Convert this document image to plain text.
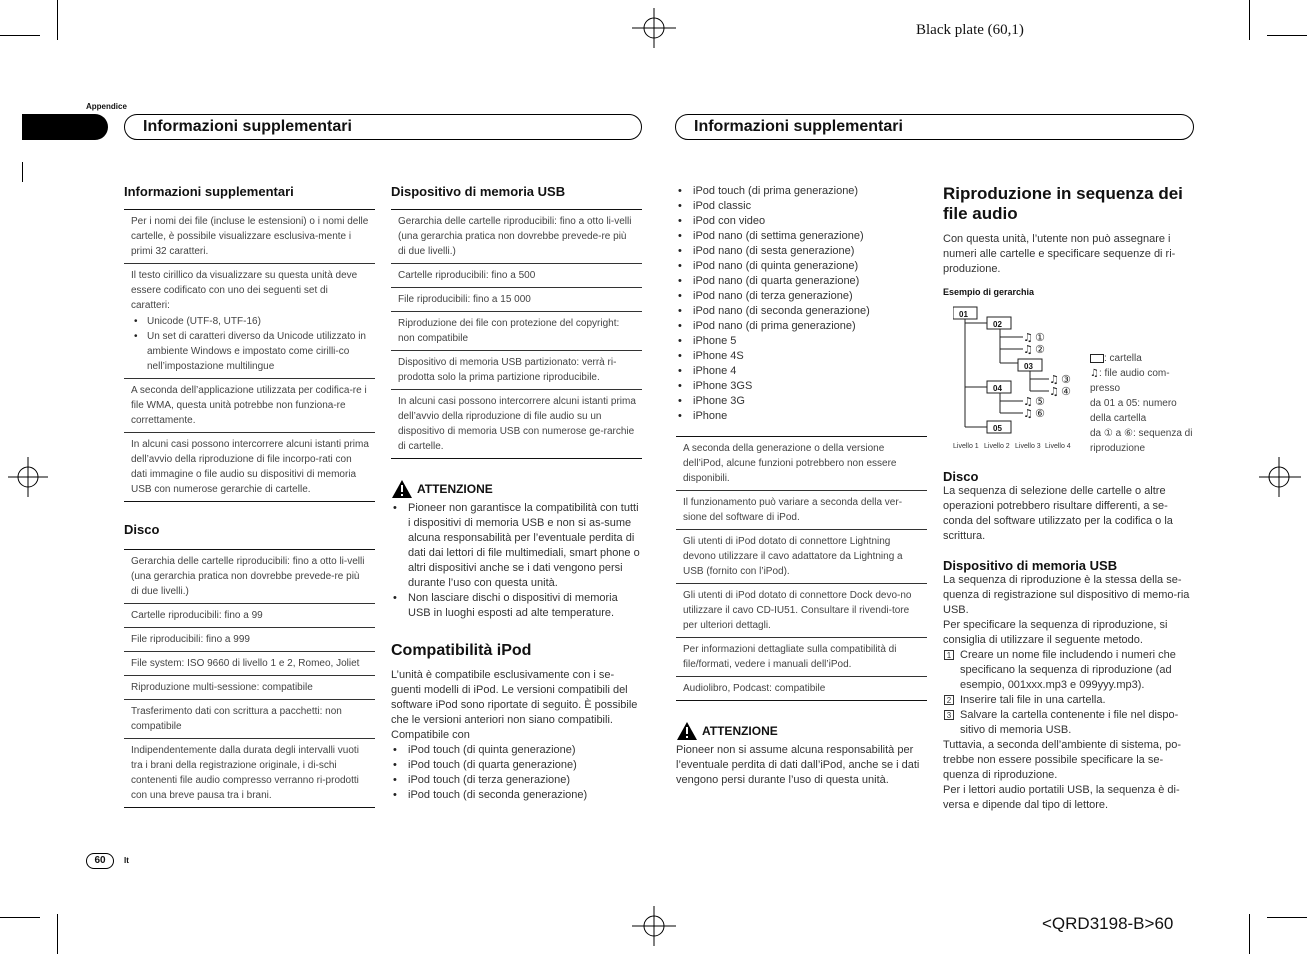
Black plate (60,1)
Appendice
Informazioni supplementari	Informazioni supplementari
Informazioni supplementari
Per i nomi dei file (incluse le estensioni) o i nomi delle cartelle, è possibile visualizzare esclusiva-mente i primi 32 caratteri.

Il testo cirillico da visualizzare su questa unità deve essere codificato con uno dei seguenti set di caratteri:
• Unicode (UTF-8, UTF-16)
• Un set di caratteri diverso da Unicode utilizzato in ambiente Windows e impostato come cirilli-co nell’impostazione multilingue

A seconda dell’applicazione utilizzata per codifica-re i file WMA, questa unità potrebbe non funziona-re correttamente.
In alcuni casi possono intercorrere alcuni istanti prima dell’avvio della riproduzione di file incorpo-rati con dati immagine o file audio su dispositivi di memoria USB con numerose gerarchie di cartelle.
Disco
Gerarchia delle cartelle riproducibili: fino a otto li-velli (una gerarchia pratica non dovrebbe prevede-re più di due livelli.)
Cartelle riproducibili: fino a 99
File riproducibili: fino a 999
File system: ISO 9660 di livello 1 e 2, Romeo, Joliet
Riproduzione multi-sessione: compatibile
Trasferimento dati con scrittura a pacchetti: non compatibile
Indipendentemente dalla durata degli intervalli vuoti tra i brani della registrazione originale, i di-schi contenenti file audio compresso verranno ri-prodotti con una breve pausa tra i brani.
Dispositivo di memoria USB
Gerarchia delle cartelle riproducibili: fino a otto li-velli (una gerarchia pratica non dovrebbe prevede-re più di due livelli.)
Cartelle riproducibili: fino a 500
File riproducibili: fino a 15 000
Riproduzione dei file con protezione del copyright: non compatibile
Dispositivo di memoria USB partizionato: verrà ri-prodotta solo la prima partizione riproducibile.
In alcuni casi possono intercorrere alcuni istanti prima dell’avvio della riproduzione di file audio su un dispositivo di memoria USB con numerose ge-rarchie di cartelle.
ATTENZIONE
• Pioneer non garantisce la compatibilità con tutti i dispositivi di memoria USB e non si as-sume alcuna responsabilità per l’eventuale perdita di dati dai lettori di file multimediali, smart phone o altri dispositivi anche se i dati vengono persi durante l’uso con questa unità.
• Non lasciare dischi o dispositivi di memoria USB in luoghi esposti ad alte temperature.
Compatibilità iPod
L’unità è compatibile esclusivamente con i se-guenti modelli di iPod. Le versioni compatibili del software iPod sono riportate di seguito. È possibile che le versioni anteriori non siano compatibili.
Compatibile con
• iPod touch (di quinta generazione)
• iPod touch (di quarta generazione)
• iPod touch (di terza generazione)
• iPod touch (di seconda generazione)
• iPod touch (di prima generazione)
• iPod classic
• iPod con video
• iPod nano (di settima generazione)
• iPod nano (di sesta generazione)
• iPod nano (di quinta generazione)
• iPod nano (di quarta generazione)
• iPod nano (di terza generazione)
• iPod nano (di seconda generazione)
• iPod nano (di prima generazione)
• iPhone 5
• iPhone 4S
• iPhone 4
• iPhone 3GS
• iPhone 3G
• iPhone
A seconda della generazione o della versione dell’iPod, alcune funzioni potrebbero non essere disponibili.
Il funzionamento può variare a seconda della ver-sione del software di iPod.
Gli utenti di iPod dotato di connettore Lightning devono utilizzare il cavo adattatore da Lightning a USB (fornito con l’iPod).
Gli utenti di iPod dotato di connettore Dock devo-no utilizzare il cavo CD-IU51. Consultare il rivendi-tore per ulteriori dettagli.
Per informazioni dettagliate sulla compatibilità di file/formati, vedere i manuali dell’iPod.
Audiolibro, Podcast: compatibile
ATTENZIONE
Pioneer non si assume alcuna responsabilità per l’eventuale perdita di dati dall’iPod, anche se i dati vengono persi durante l’uso di questa unità.
Riproduzione in sequenza dei file audio
Con questa unità, l’utente non può assegnare i numeri alle cartelle e specificare sequenze di ri-produzione.
Esempio di gerarchia
01
02
03
04
05
♫ ①
♫ ②
♫ ③
♫ ④
♫ ⑤
♫ ⑥
Livello 1 Livello 2 Livello 3 Livello 4
: cartella
♫: file audio com-presso
da 01 a 05: numero della cartella
da ① a ⑥: sequenza di riproduzione
Disco
La sequenza di selezione delle cartelle o altre operazioni potrebbero risultare differenti, a se-conda del software utilizzato per la codifica o la scrittura.
Dispositivo di memoria USB
La sequenza di riproduzione è la stessa della se-quenza di registrazione sul dispositivo di memo-ria USB.
Per specificare la sequenza di riproduzione, si consiglia di utilizzare il seguente metodo.
1 Creare un nome file includendo i numeri che specificano la sequenza di riproduzione (ad esempio, 001xxx.mp3 e 099yyy.mp3).
2 Inserire tali file in una cartella.
3 Salvare la cartella contenente i file nel dispo-sitivo di memoria USB.
Tuttavia, a seconda dell’ambiente di sistema, po-trebbe non essere possibile specificare la se-quenza di riproduzione.
Per i lettori audio portatili USB, la sequenza è di-versa e dipende dal tipo di lettore.
60	It
<QRD3198-B>60
